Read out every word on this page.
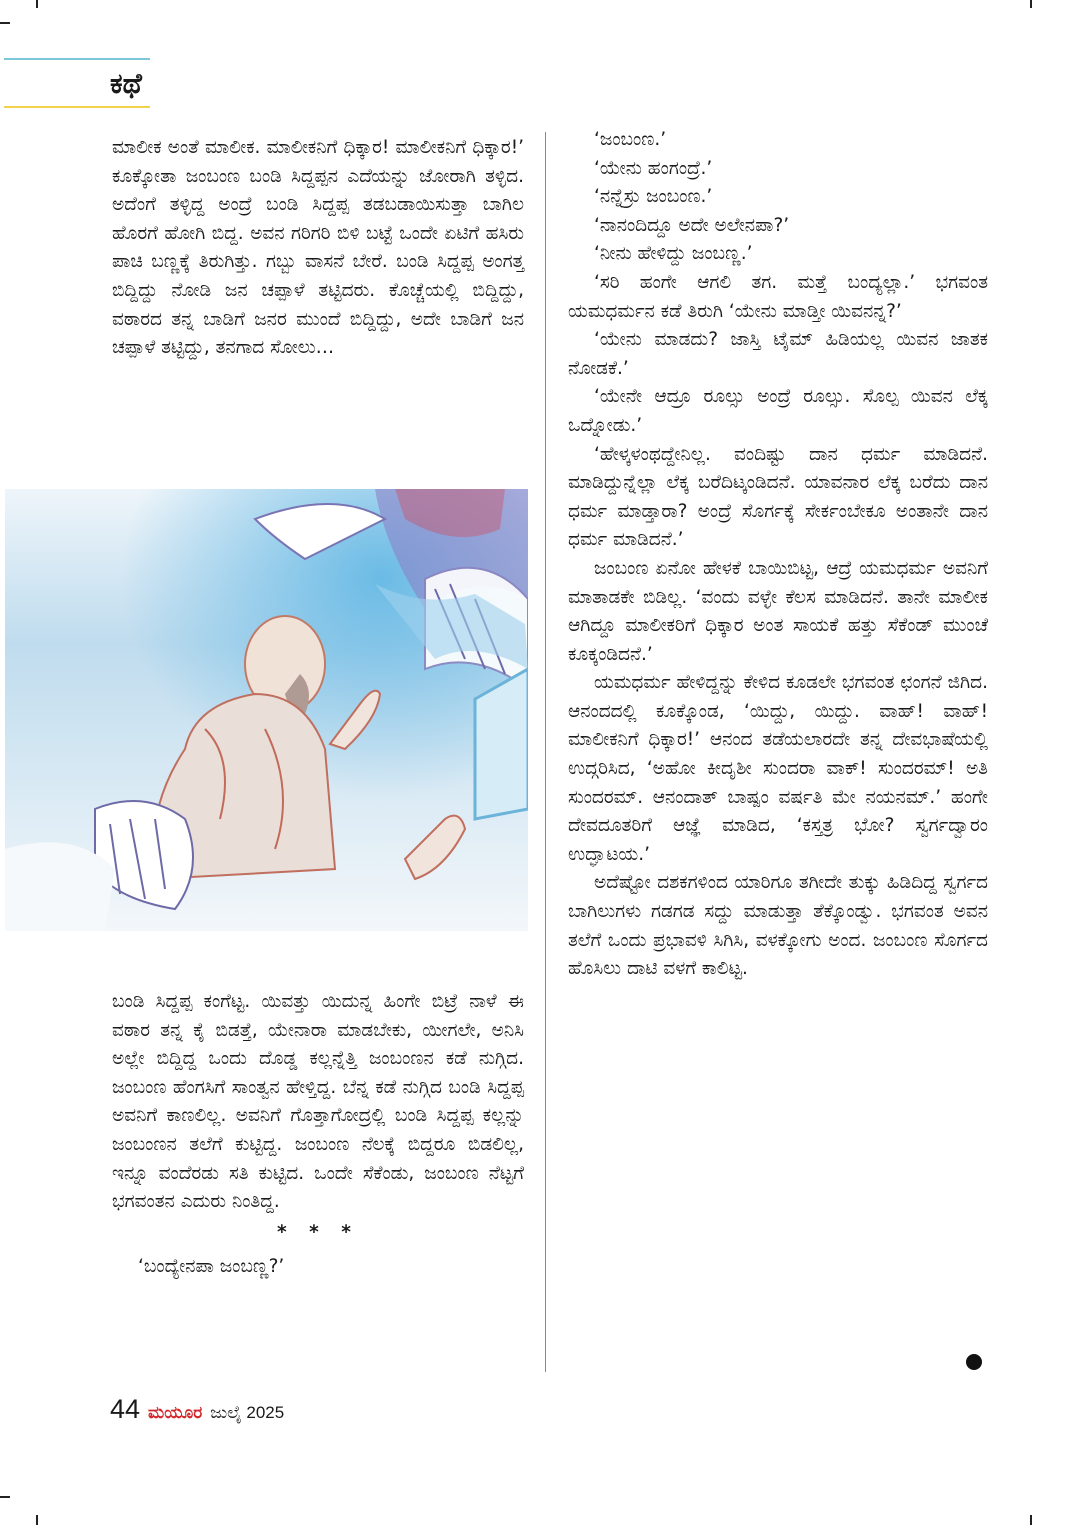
ಕಥೆ

ಮಾಲೀಕ ಅಂತೆ ಮಾಲೀಕ. ಮಾಲೀಕನಿಗೆ ಧಿಕ್ಕಾರ! ಮಾಲೀಕನಿಗೆ ಧಿಕ್ಕಾರ!’ ಕೂಕ್ಕೋತಾ ಜಂಬಂಣ ಬಂಡಿ ಸಿದ್ದಪ್ಪನ ಎದೆಯನ್ನು ಜೋರಾಗಿ ತಳ್ಳಿದ. ಅದೆಂಗೆ ತಳ್ಳಿದ್ದ ಅಂದ್ರೆ ಬಂಡಿ ಸಿದ್ದಪ್ಪ ತಡಬಡಾಯಿಸುತ್ತಾ ಬಾಗಿಲ ಹೊರಗೆ ಹೋಗಿ ಬಿದ್ದ. ಅವನ ಗರಿಗರಿ ಬಿಳಿ ಬಟ್ಟೆ ಒಂದೇ ಏಟಿಗೆ ಹಸಿರು ಪಾಚಿ ಬಣ್ಣಕ್ಕೆ ತಿರುಗಿತ್ತು. ಗಬ್ಬು ವಾಸನೆ ಬೇರೆ. ಬಂಡಿ ಸಿದ್ದಪ್ಪ ಅಂಗತ್ತ ಬಿದ್ದಿದ್ದು ನೋಡಿ ಜನ ಚಪ್ಪಾಳೆ ತಟ್ಟಿದರು. ಕೊಚ್ಚೆಯಲ್ಲಿ ಬಿದ್ದಿದ್ದು, ವಠಾರದ ತನ್ನ ಬಾಡಿಗೆ ಜನರ ಮುಂದೆ ಬಿದ್ದಿದ್ದು, ಅದೇ ಬಾಡಿಗೆ ಜನ ಚಪ್ಪಾಳೆ ತಟ್ಟಿದ್ದು, ತನಗಾದ ಸೋಲು…

ಬಂಡಿ ಸಿದ್ದಪ್ಪ ಕಂಗೆಟ್ಟ. ಯಿವತ್ತು ಯಿದುನ್ನ ಹಿಂಗೇ ಬಿಟ್ರೆ ನಾಳೆ ಈ ವಠಾರ ತನ್ನ ಕೈ ಬಿಡತ್ತೆ, ಯೇನಾರಾ ಮಾಡಬೇಕು, ಯೀಗಲೇ, ಅನಿಸಿ ಅಲ್ಲೇ ಬಿದ್ದಿದ್ದ ಒಂದು ದೊಡ್ಡ ಕಲ್ಲನ್ನೆತ್ತಿ ಜಂಬಂಣನ ಕಡೆ ನುಗ್ಗಿದ. ಜಂಬಂಣ ಹೆಂಗಸಿಗೆ ಸಾಂತ್ವನ ಹೇಳ್ತಿದ್ದ. ಬೆನ್ನ ಕಡೆ ನುಗ್ಗಿದ ಬಂಡಿ ಸಿದ್ದಪ್ಪ ಅವನಿಗೆ ಕಾಣಲಿಲ್ಲ. ಅವನಿಗೆ ಗೊತ್ತಾಗೋದ್ರಲ್ಲಿ ಬಂಡಿ ಸಿದ್ದಪ್ಪ ಕಲ್ಲನ್ನು ಜಂಬಂಣನ ತಲೆಗೆ ಕುಟ್ಟಿದ್ದ. ಜಂಬಂಣ ನೆಲಕ್ಕೆ ಬಿದ್ದರೂ ಬಿಡಲಿಲ್ಲ, ಇನ್ನೂ ವಂದೆರಡು ಸತಿ ಕುಟ್ಟಿದ. ಒಂದೇ ಸೆಕೆಂಡು, ಜಂಬಂಣ ನೆಟ್ಟಗೆ ಭಗವಂತನ ಎದುರು ನಿಂತಿದ್ದ.

* * *

‘ಬಂದ್ಯೇನಪಾ ಜಂಬಣ್ಣ?’

‘ಜಂಬಂಣ.’

‘ಯೇನು ಹಂಗಂದ್ರೆ.’

‘ನನ್ನೆಸ್ರು ಜಂಬಂಣ.’

‘ನಾನಂದಿದ್ದೂ ಅದೇ ಅಲೇನಪಾ?’

‘ನೀನು ಹೇಳಿದ್ದು ಜಂಬಣ್ಣ.’

‘ಸರಿ ಹಂಗೇ ಆಗಲಿ ತಗ. ಮತ್ತೆ ಬಂದ್ಯಲ್ಲಾ.’ ಭಗವಂತ ಯಮಧರ್ಮನ ಕಡೆ ತಿರುಗಿ ‘ಯೇನು ಮಾಡ್ತೀ ಯಿವನನ್ನ?’

‘ಯೇನು ಮಾಡದು? ಜಾಸ್ತಿ ಟೈಮ್ ಹಿಡಿಯಲ್ಲ ಯಿವನ ಜಾತಕ ನೋಡಕೆ.’

‘ಯೇನೇ ಆದ್ರೂ ರೂಲ್ಸು ಅಂದ್ರೆ ರೂಲ್ಸು. ಸೊಲ್ಪ ಯಿವನ ಲೆಕ್ಕ ಒದ್ನೋಡು.’

‘ಹೇಳ್ಕಳಂಥದ್ದೇನಿಲ್ಲ. ವಂದಿಷ್ಟು ದಾನ ಧರ್ಮ ಮಾಡಿದನೆ. ಮಾಡಿದ್ದುನ್ನೆಲ್ಲಾ ಲೆಕ್ಕ ಬರೆದಿಟ್ಕಂಡಿದನೆ. ಯಾವನಾರ ಲೆಕ್ಕ ಬರೆದು ದಾನ ಧರ್ಮ ಮಾಡ್ತಾರಾ? ಅಂದ್ರೆ ಸೊರ್ಗಕ್ಕೆ ಸೇರ್ಕಂಬೇಕೂ ಅಂತಾನೇ ದಾನ ಧರ್ಮ ಮಾಡಿದನೆ.’

ಜಂಬಂಣ ಏನೋ ಹೇಳಕೆ ಬಾಯಿಬಿಟ್ಟ, ಆದ್ರೆ ಯಮಧರ್ಮ ಅವನಿಗೆ ಮಾತಾಡಕೇ ಬಿಡಿಲ್ಲ. ‘ವಂದು ವಳ್ಳೇ ಕೆಲಸ ಮಾಡಿದನೆ. ತಾನೇ ಮಾಲೀಕ ಆಗಿದ್ದೂ ಮಾಲೀಕರಿಗೆ ಧಿಕ್ಕಾರ ಅಂತ ಸಾಯಕೆ ಹತ್ತು ಸೆಕೆಂಡ್ ಮುಂಚೆ ಕೂಕ್ಕಂಡಿದನೆ.’

ಯಮಧರ್ಮ ಹೇಳಿದ್ದನ್ನು ಕೇಳಿದ ಕೂಡಲೇ ಭಗವಂತ ಛಂಗನೆ ಜಿಗಿದ. ಆನಂದದಲ್ಲಿ ಕೂಕ್ಕೊಂಡ, ‘ಯಿದ್ದು, ಯಿದ್ದು. ವಾಹ್! ವಾಹ್! ಮಾಲೀಕನಿಗೆ ಧಿಕ್ಕಾರ!’ ಆನಂದ ತಡೆಯಲಾರದೇ ತನ್ನ ದೇವಭಾಷೆಯಲ್ಲಿ ಉದ್ಗರಿಸಿದ, ‘ಅಹೋ ಕೀದೃಶೀ ಸುಂದರಾ ವಾಕ್! ಸುಂದರಮ್! ಅತಿ ಸುಂದರಮ್. ಆನಂದಾತ್ ಬಾಷ್ಪಂ ವರ್ಷತಿ ಮೇ ನಯನಮ್.’ ಹಂಗೇ ದೇವದೂತರಿಗೆ ಆಜ್ಞೆ ಮಾಡಿದ, ‘ಕಸ್ತತ್ರ ಭೋ? ಸ್ವರ್ಗದ್ವಾರಂ ಉದ್ಘಾಟಯ.’

ಅದೆಷ್ಟೋ ದಶಕಗಳಿಂದ ಯಾರಿಗೂ ತಗೀದೇ ತುಕ್ಕು ಹಿಡಿದಿದ್ದ ಸ್ವರ್ಗದ ಬಾಗಿಲುಗಳು ಗಡಗಡ ಸದ್ದು ಮಾಡುತ್ತಾ ತೆಕ್ಕೊಂಡ್ವು. ಭಗವಂತ ಅವನ ತಲೆಗೆ ಒಂದು ಪ್ರಭಾವಳಿ ಸಿಗಿಸಿ, ವಳಕ್ಕೋಗು ಅಂದ. ಜಂಬಂಣ ಸೊರ್ಗದ ಹೊಸಿಲು ದಾಟಿ ವಳಗೆ ಕಾಲಿಟ್ಟ.

44 ಮಯೂರ ಜುಲೈ 2025
